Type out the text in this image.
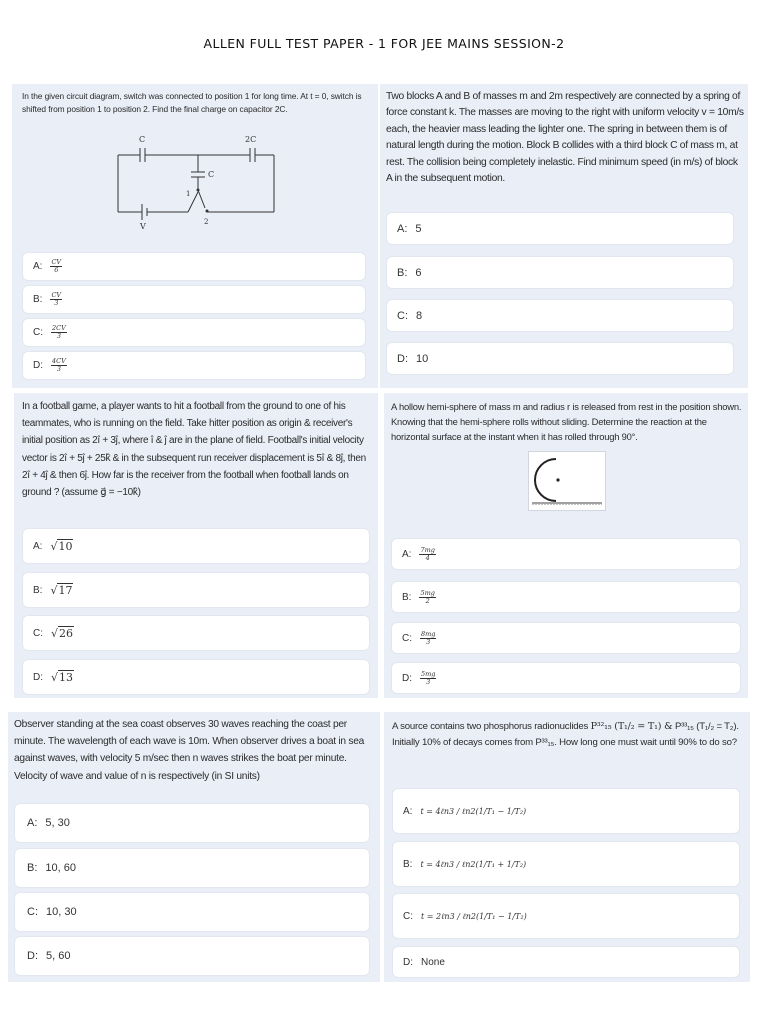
ALLEN FULL TEST PAPER - 1 FOR JEE MAINS SESSION-2
In the given circuit diagram, switch was connected to position 1 for long time. At t = 0, switch is shifted from position 1 to position 2. Find the final charge on capacitor 2C.
C	2C
C
1
2
V
A: $\frac{CV}{6}$
B: $\frac{CV}{3}$
C: $\frac{2CV}{3}$
D: $\frac{4CV}{3}$
Two blocks A and B of masses m and 2m respectively are connected by a spring of force constant k. The masses are moving to the right with uniform velocity v = 10m/s each, the heavier mass leading the lighter one. The spring in between them is of natural length during the motion. Block B collides with a third block C of mass m, at rest. The collision being completely inelastic. Find minimum speed (in m/s) of block A in the subsequent motion.
A: 5
B: 6
C: 8
D: 10
In a football game, a player wants to hit a football from the ground to one of his teammates, who is running on the field. Take hitter position as origin & receiver's initial position as 2î + 3ĵ, where î & ĵ are in the plane of field. Football's initial velocity vector is 2î + 5ĵ + 25k̂ & in the subsequent run receiver displacement is 5î & 8ĵ, then 2î + 4ĵ & then 6ĵ. How far is the receiver from the football when football lands on ground ? (assume g⃗ = −10k̂)
A: √10
B: √17
C: √26
D: √13
A hollow hemi-sphere of mass m and radius r is released from rest in the position shown. Knowing that the hemi-sphere rolls without sliding. Determine the reaction at the horizontal surface at the instant when it has rolled through 90°.
A: $\frac{7mg}{4}$
B: $\frac{5mg}{2}$
C: $\frac{8mg}{3}$
D: $\frac{5mg}{3}$
Observer standing at the sea coast observes 30 waves reaching the coast per minute. The wavelength of each wave is 10m. When observer drives a boat in sea against waves, with velocity 5 m/sec then n waves strikes the boat per minute. Velocity of wave and value of n is respectively (in SI units)
A: 5, 30
B: 10, 60
C: 10, 30
D: 5, 60
A source contains two phosphorus radionuclides P³²₁₅ (T₁/₂ = T₁) & P³³₁₅ (T₁/₂ = T₂). Initially 10% of decays comes from P³³₁₅. How long one must wait until 90% to do so?
A: t = 4ℓn3 / ℓn2(1/T₁ − 1/T₂)
B: t = 4ℓn3 / ℓn2(1/T₁ + 1/T₂)
C: t = 2ℓn3 / ℓn2(1/T₁ − 1/T₂)
D: None
